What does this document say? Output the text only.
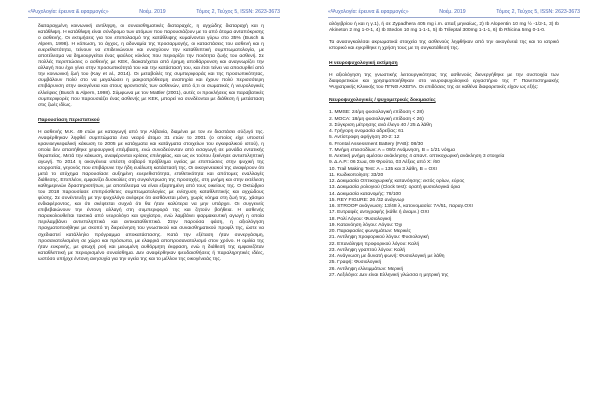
«Ψυχολογία: έρευνα & εφαρμογές»	Νοέμ. 2019	Τόμος 2, Τεύχος 5, ISSN: 2623-3673

διαταραγμένη κοινωνική αντίληψη, οι συναισθηματικές διαταραχές, η αγχώδης διαταραχή και η κατάθλιψη. Η κατάθλιψη είναι σύνδρομο των ατόμων που παρουσιάζουν με το από άτομα ανταπόκρισης ο ασθενής. Οι εκτιμήσεις για τον επιπολασμό της κατάθλιψης κυμαίνονται γύρω στο 35% (Busch & Alpern, 1998). Η κόπωση, το άγχος, η αδυναμία της προσαρμογής, οι καταστάσεις του ασθενή και η ευερεθιστότητα, τείνουν να επιδεινώνουν και ενισχύουν την καταθλιπτική συμπτωματολογία, με αποτέλεσμα να δημιουργείται ένας φαύλος κύκλος που περιορίζει την ποιότητα ζωής του ασθενή. Σε πολλές περιπτώσεις ο ασθενής με ΚΕΚ, διακατέχεται από έρημη αποθάρρυνση και αναγνωρίζει την αλλαγή που έχει γίνει στην προσωπικότητά του και την κατάστασή του, και έτσι τείνει να αποσυρθεί από την κοινωνική ζωή του (Kay et al., 2014). Οι μεταβολές της συμπεριφοράς και της προσωπικότητας, συμβάλουν πολύ στο να μεγαλώσει η μακροπρόθεσμη αναπηρία και έχουν πολύ περισσότερη επιβάρυνση στην οικογένεια και στους φροντιστές των ασθενών, από ό,τι οι σωματικές ή νευρολογικές ελλείψεις (Busch & Alpern, 1998). Σύμφωνα με τον Mattler (2001), αυτές οι προκλήσεις και παραβατικές συμπεριφορές που παρουσιάζει ένας ασθενής με ΚΕΚ, μπορεί να συνδέονται με διάθεση ή μετάσταση στις ζωές ιδίως.

Παρουσίαση περιστατικού

Η ασθενής Μ.Κ. 49 ετών με καταγωγή από την Αλβανία, διαμένει με τον εν διαστάσει σύζυγό της. Αναφέρθηκαν ληφθεί συμπτώματα ένα νεαρό άτομο 31 ετών το 2001 (ο οποίος είχε υποστεί κρανιοεγκεφαλική κάκωση το 2005 με κατάγματα και κατάγματα στοιχείων του εγκεφαλικού ιστού), η οποία δεν απαιτήθηκε χειρουργική επέμβαση, ενώ συνοδεύονταν από εισαγωγή σε μονάδα εντατικής θεραπείας. Μετά την κάκωση, αναφέρονται κρίσεις επιληψίας, και ως εκ τούτου ξεκίνησε αντιεπιληπτική αγωγή. Το 2014 η οικογένεια υπέστη σοβαρό πρόβλημα υγείας με επιπτώσεις στην ψυχική της ισορροπία, γεγονός που επιβάρυνε την ήδη ευάλωτη κατάστασή της. Οι οικογενειακοί της αναφέρουν ότι μετά το ατύχημα παρουσίασε αυξημένη ευερεθιστότητα, επιθετικότητα και απότομες εναλλαγές διάθεσης. Επιπλέον, εμφανίζει δυσκολίες στη συγκέντρωση της προσοχής, στη μνήμη και στην εκτέλεση καθημερινών δραστηριοτήτων, με αποτέλεσμα να είναι εξαρτημένη από τους οικείους της. Ο Οκτώβριο του 2018 παρουσίασε επιπρόσθετες συμπτωματολογίες με ενίσχυση καταθλιπτικής και αγχώδους φύσης. Σε συνέντευξη με την ψυχολόγο ανέφερε ότι αισθάνεται μόνη, χωρίς νόημα στη ζωή της, χάσιμο ενδιαφέροντος, και ότι σκέφτεται συχνά ότι θα ήταν καλύτερα να μην υπάρχει. Οι συγγενείς επιβεβαιώνουν την έντονη αλλαγή στη συμπεριφορά της και ζητούν βοήθεια. Η ασθενής παρακολουθείται τακτικά από νευρολόγο και ψυχίατρο, ενώ λαμβάνει φαρμακευτική αγωγή η οποία περιλαμβάνει αντιεπιληπτικά και αντικαταθλιπτικά. Στην παρούσα φάση, η αξιολόγηση πραγματοποιήθηκε με σκοπό τη διερεύνηση του γνωστικού και συναισθηματικού προφίλ της, ώστε να σχεδιαστεί κατάλληλο πρόγραμμα αποκατάστασης. Κατά την εξέταση ήταν συνεργάσιμη, προσανατολισμένη σε χώρο και πρόσωπα, με ελαφριά αποπροσανατολισμό στον χρόνο. Η ομιλία της ήταν ευκρινής, με φτωχή ροή και μειωμένη αυθόρμητη έκφραση, ενώ η διάθεσή της εμφανιζόταν καταθλιπτική με περιορισμένο συναίσθημα. Δεν αναφέρθηκαν ψευδαισθήσεις ή παραληρητικές ιδέες, ωστόσο υπήρχε έντονη ανησυχία για την υγεία της και το μέλλον της οικογένειάς της.

«Ψυχολογία: έρευνα & εφαρμογές»	Νοέμ. 2019	Τόμος 2, Τεύχος 5, ISSN: 2623-3673

αλόγιβρίου ή και η γ.1), ή σε Zypadhera 405 mg i.m. απαξ μηνιαίως, 2) Ib Alopentin 10 mg ½ -1/2-1, 3) Ib Akineton 2 mg 1-0-1, 4) Ib Stedon 10 mg 1-1-1, 5) Ib Trileptal 300mg 1-1-1, 6) Ib Rhicina 5mg 0-1-0.

Τα ανασυγκαλέσαι ακρωματικά στοιχεία της ασθενούς ληφθήκαν από την οικογένειά της και το ιατρικό ιστορικό και εγκρίθηκε η χρήση τους με τη συγκατάθεσή της.

Η νευροψυχολογική εκτίμηση

Η αξιολόγηση της γνωστικής λειτουργικότητας της ασθενούς διενεργήθηκε με την συστοιχία των διαφορετικών και χρησιμοποιήθηκαν στο νευροψυχολογικό εργαστήριο της Γ' Πανεπιστημιακής Ψυχιατρικής Κλινικής του ΠΓΝΘ ΑΧΕΠΑ. Οι επιδόσεις της σε καθένα διαφορετικές είχαν ως εξής:

Νευροψυχολογικές / ψυχομετρικές δοκιμασίες
1. MMSE: 24/μη φυσιολογική επίδοση < 28)
2. MOCA: 18/μη φυσιολογική επίδοση < 26)
3. Σύγκριση μέτρησης ανά έλεγο 40 / 25 Δ λάθη
4. Γρήγορη ονομασία αδρεξίας: 61
5. Αντίστροφη αφήγηση 20-2: 12
6. Frontal Assessment Battery (FAB): 08/30
7. Μνήμη επεισοδίων: Α = 09/2 Ανάμνηση, Β = 1/21 νόημα
8. Λεκτική μνήμη αμέσου ανάκλησης 4 απαντ. οπτικοχωρική ανάκληση 3 στοιχεία
9. Δ.Α.Ρ.: 06 Σωα, 09 Φρούτα, 03 Λέξεις από Χ: /60
10. Trail Making Test: Α = 135 και 3 λάθη, Β = ΟΧΙ
11. Κωδικοποίηση: 33/20
12. Δοκιμασία Οπτικοχωρικής κατανόησης: εκτός ορίων, εύρος
13. Δοκιμασία ρολογιού (Clock test): ορατή φυσιολογικά όρια
14. Δοκιμασία κατανομής: 78/100
15. REY FIGURE: 26 /32 ανάγνωρ
16. STROOP ανάγνωση: 13/48 λ, κατονομασία: 7A/51, παραγ.OXI
17. Ευτραφές αντιγραφής (κάθε ή άναμν.) ΟΧΙ
18. Ρολί Λόγου: Φυσιολογική
19. Κατανόηση λόγου: Λόγου: Όχι
20. Παραφασίες φωνημάτων: Μερικές
21. Αντίληψη προφορικού λόγου: Φυσιολογική
22. Επανάληψη προφορικού λόγου: Καλή
23. Αντίληψη γραπτού λόγου: Καλή
24. Ανάγνωση με δυνατή φωνή: Φυσιολογική με λάθη
25. Γραφή: Φυσιολογική
26. Αντίληψη ελλειμμάτων: Μερική
27. Λεξιλόγιο: Δεν είναι Ελληνική γλώσσα η μητρική της
